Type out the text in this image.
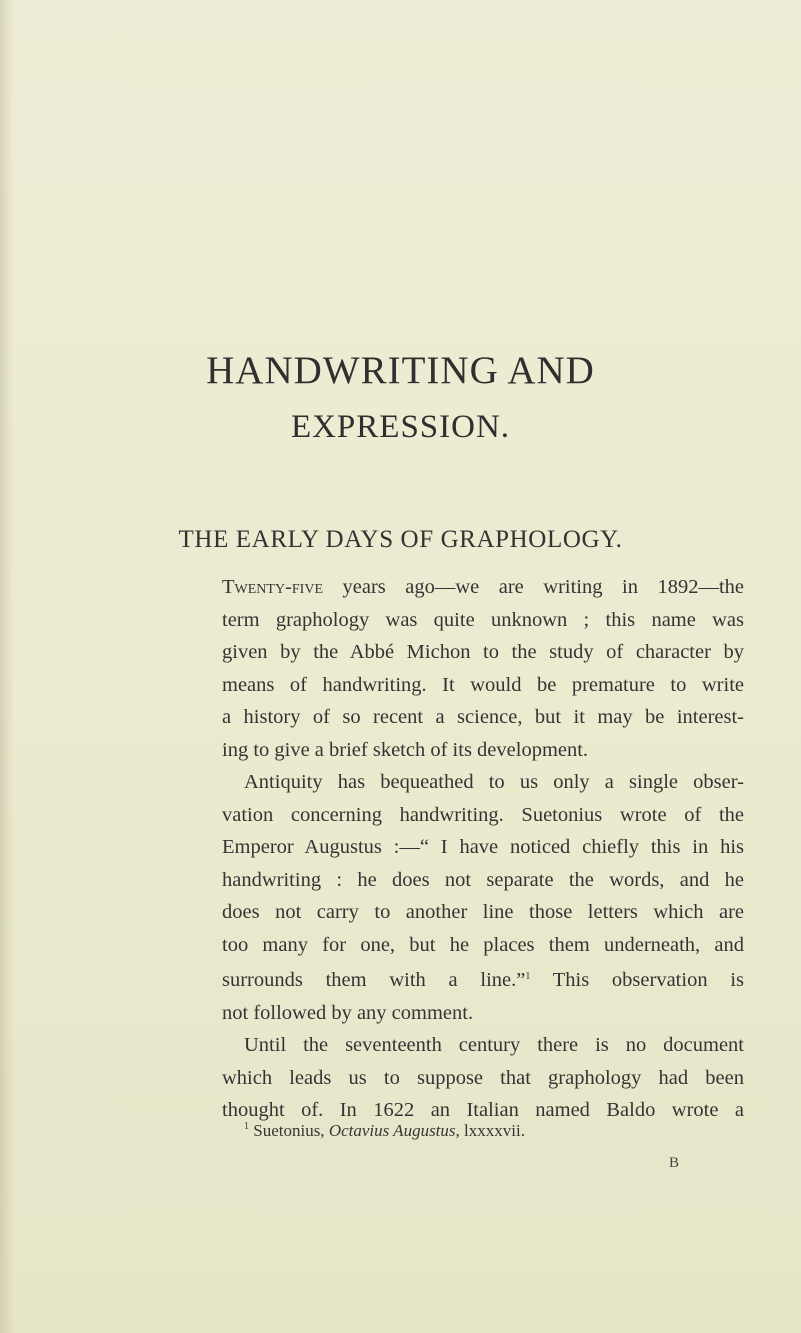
HANDWRITING AND
EXPRESSION.
THE EARLY DAYS OF GRAPHOLOGY.
Twenty-five years ago—we are writing in 1892—the
term graphology was quite unknown ; this name was
given by the Abbé Michon to the study of character by
means of handwriting. It would be premature to write
a history of so recent a science, but it may be interest-
ing to give a brief sketch of its development.
Antiquity has bequeathed to us only a single obser-
vation concerning handwriting. Suetonius wrote of the
Emperor Augustus :—“ I have noticed chiefly this in his
handwriting : he does not separate the words, and he
does not carry to another line those letters which are
too many for one, but he places them underneath, and
surrounds them with a line.”$^1$ This observation is
not followed by any comment.
Until the seventeenth century there is no document
which leads us to suppose that graphology had been
thought of. In 1622 an Italian named Baldo wrote a
$^1$ Suetonius, Octavius Augustus, lxxxxvii.
B
